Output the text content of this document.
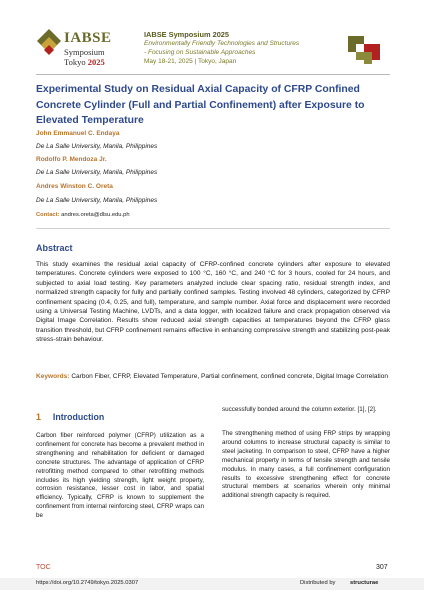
IABSE
Symposium
Tokyo 2025
IABSE Symposium 2025
Environmentally Friendly Technologies and Structures
- Focusing on Sustainable Approaches
May 18-21, 2025 | Tokyo, Japan
Experimental Study on Residual Axial Capacity of CFRP Confined Concrete Cylinder (Full and Partial Confinement) after Exposure to Elevated Temperature
John Emmanuel C. Endaya
De La Salle University, Manila, Philippines
Rodolfo P. Mendoza Jr.
De La Salle University, Manila, Philippines
Andres Winston C. Oreta
De La Salle University, Manila, Philippines
Contact: andres.oreta@dlsu.edu.ph
Abstract

This study examines the residual axial capacity of CFRP-confined concrete cylinders after exposure to elevated temperatures. Concrete cylinders were exposed to 100 °C, 160 °C, and 240 °C for 3 hours, cooled for 24 hours, and subjected to axial load testing. Key parameters analyzed include clear spacing ratio, residual strength index, and normalized strength capacity for fully and partially confined samples. Testing involved 48 cylinders, categorized by CFRP confinement spacing (0.4, 0.25, and full), temperature, and sample number. Axial force and displacement were recorded using a Universal Testing Machine, LVDTs, and a data logger, with localized failure and crack propagation observed via Digital Image Correlation. Results show reduced axial strength capacities at temperatures beyond the CFRP glass transition threshold, but CFRP confinement remains effective in enhancing compressive strength and stabilizing post-peak stress-strain behaviour.

Keywords: Carbon Fiber, CFRP, Elevated Temperature, Partial confinement, confined concrete, Digital Image Correlation

1 Introduction

Carbon fiber reinforced polymer (CFRP) utilization as a confinement for concrete has become a prevalent method in strengthening and rehabilitation for deficient or damaged concrete structures. The advantage of application of CFRP retrofitting method compared to other retrofitting methods includes its high yielding strength, light weight property, corrosion resistance, lesser cost in labor, and spatial efficiency. Typically, CFRP is known to supplement the confinement from internal reinforcing steel, CFRP wraps can be

successfully bonded around the column exterior. [1], [2].

The strengthening method of using FRP strips by wrapping around columns to increase structural capacity is similar to steel jacketing. In comparison to steel, CFRP have a higher mechanical property in terms of tensile strength and tensile modulus. In many cases, a full confinement configuration results to excessive strengthening effect for concrete structural members at scenarios wherein only minimal additional strength capacity is required.

TOC	307
https://doi.org/10.2749/tokyo.2025.0307	Distributed by	structurae
